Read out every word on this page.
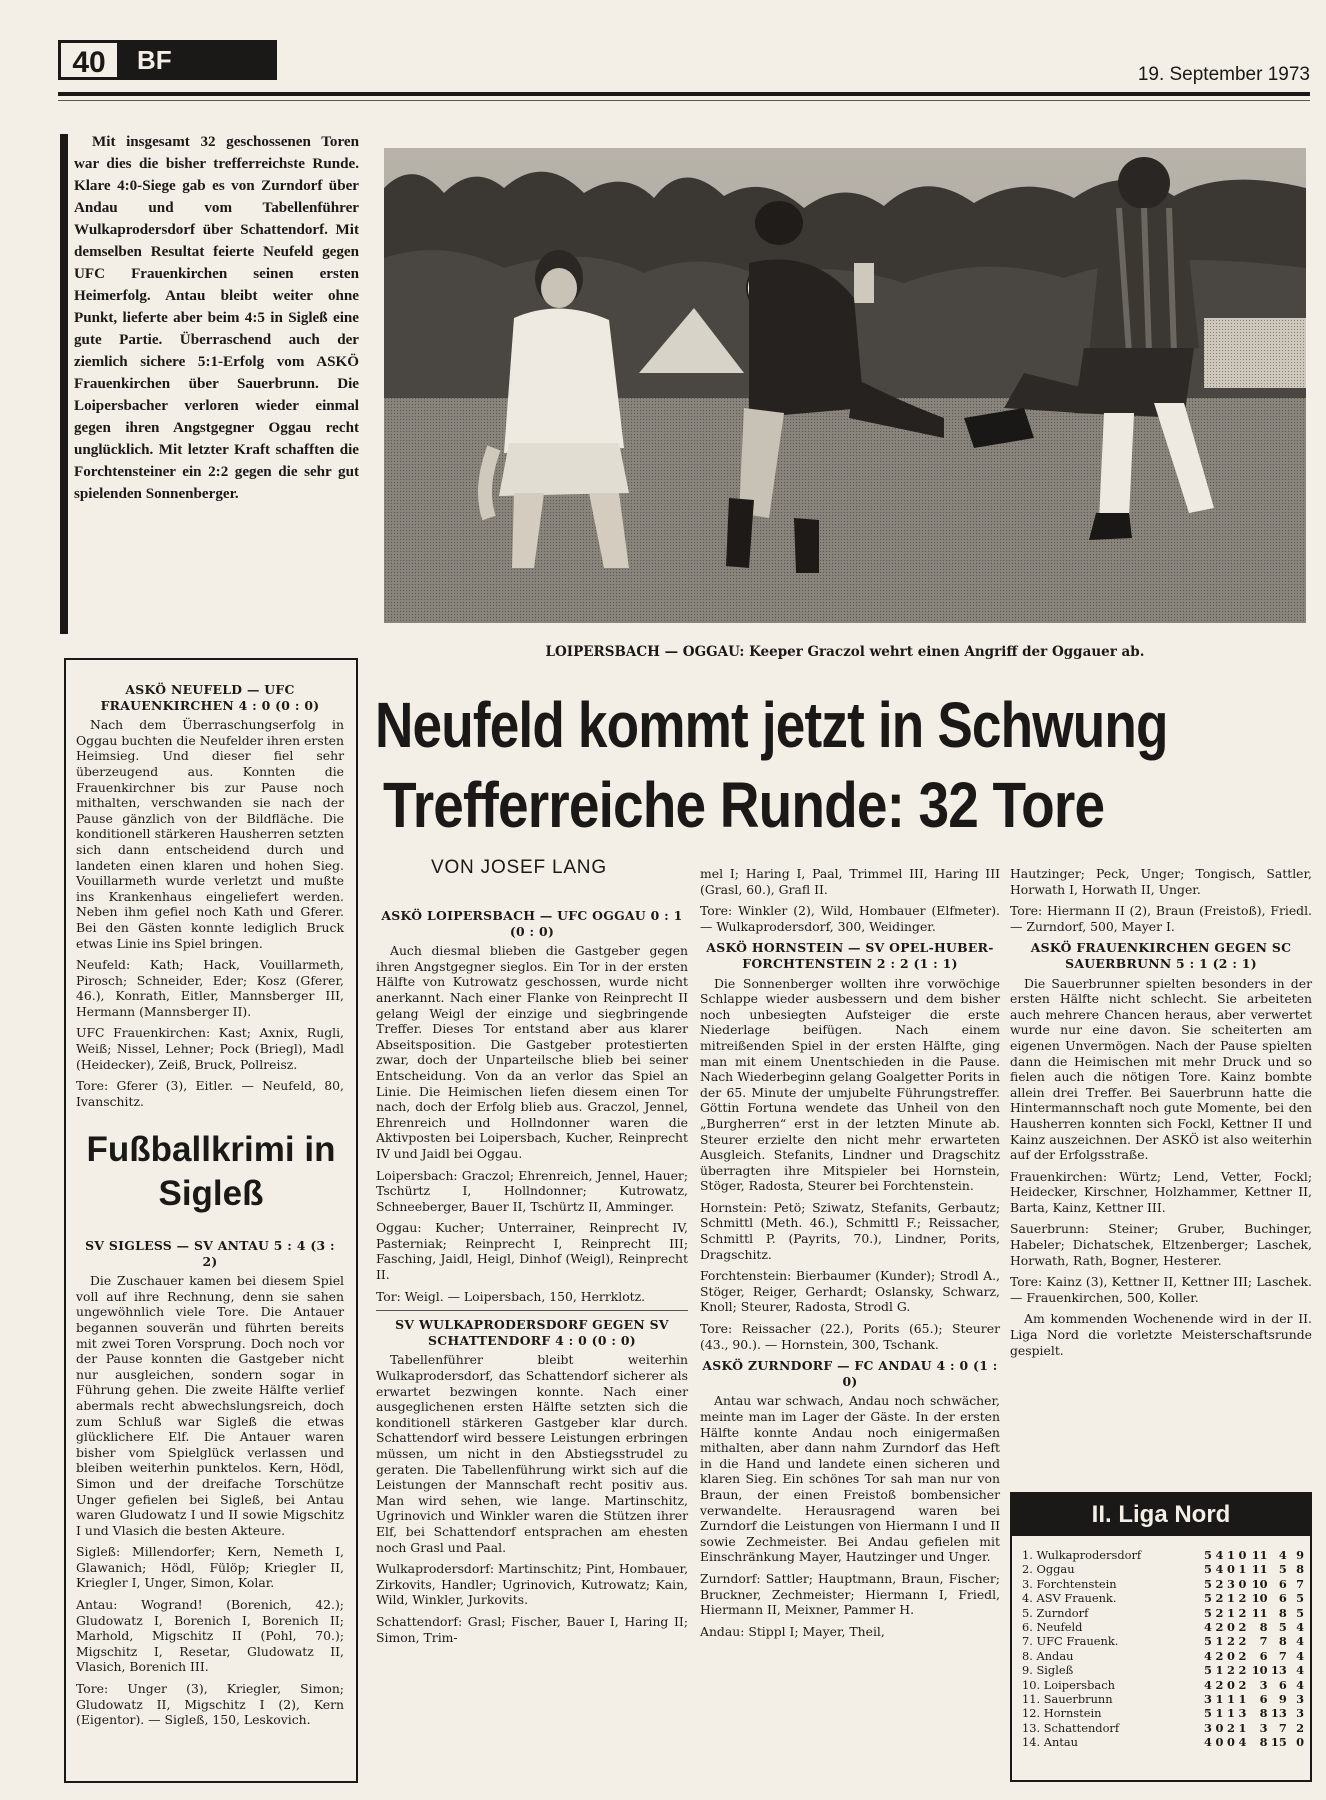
40	BF	19. September 1973
Mit insgesamt 32 geschossenen Toren war dies die bisher trefferreichste Runde. Klare 4:0-Siege gab es von Zurndorf über Andau und vom Tabellenführer Wulkaprodersdorf über Schattendorf. Mit demselben Resultat feierte Neufeld gegen UFC Frauenkirchen seinen ersten Heimerfolg. Antau bleibt weiter ohne Punkt, lieferte aber beim 4:5 in Sigleß eine gute Partie. Überraschend auch der ziemlich sichere 5:1-Erfolg vom ASKÖ Frauenkirchen über Sauerbrunn. Die Loipersbacher verloren wieder einmal gegen ihren Angstgegner Oggau recht unglücklich. Mit letzter Kraft schafften die Forchtensteiner ein 2:2 gegen die sehr gut spielenden Sonnenberger.
LOIPERSBACH — OGGAU: Keeper Graczol wehrt einen Angriff der Oggauer ab.
Neufeld kommt jetzt in Schwung
Trefferreiche Runde: 32 Tore
VON JOSEF LANG
ASKÖ NEUFELD — UFC FRAUENKIRCHEN 4 : 0 (0 : 0)

Nach dem Überraschungserfolg in Oggau buchten die Neufelder ihren ersten Heimsieg. Und dieser fiel sehr überzeugend aus. Konnten die Frauenkirchner bis zur Pause noch mithalten, verschwanden sie nach der Pause gänzlich von der Bildfläche. Die konditionell stärkeren Hausherren setzten sich dann entscheidend durch und landeten einen klaren und hohen Sieg. Vouillarmeth wurde verletzt und mußte ins Krankenhaus eingeliefert werden. Neben ihm gefiel noch Kath und Gferer. Bei den Gästen konnte lediglich Bruck etwas Linie ins Spiel bringen.

Neufeld: Kath; Hack, Vouillarmeth, Pirosch; Schneider, Eder; Kosz (Gferer, 46.), Konrath, Eitler, Mannsberger III, Hermann (Mannsberger II).

UFC Frauenkirchen: Kast; Axnix, Rugli, Weiß; Nissel, Lehner; Pock (Briegl), Madl (Heidecker), Zeiß, Bruck, Pollreisz.

Tore: Gferer (3), Eitler. — Neufeld, 80, Ivanschitz.

Fußballkrimi in Sigleß
SV SIGLESS — SV ANTAU 5 : 4 (3 : 2)

Die Zuschauer kamen bei diesem Spiel voll auf ihre Rechnung, denn sie sahen ungewöhnlich viele Tore. Die Antauer begannen souverän und führten bereits mit zwei Toren Vorsprung. Doch noch vor der Pause konnten die Gastgeber nicht nur ausgleichen, sondern sogar in Führung gehen. Die zweite Hälfte verlief abermals recht abwechslungsreich, doch zum Schluß war Sigleß die etwas glücklichere Elf. Die Antauer waren bisher vom Spielglück verlassen und bleiben weiterhin punktelos. Kern, Hödl, Simon und der dreifache Torschütze Unger gefielen bei Sigleß, bei Antau waren Gludowatz I und II sowie Migschitz I und Vlasich die besten Akteure.

Sigleß: Millendorfer; Kern, Nemeth I, Glawanich; Hödl, Fülöp; Kriegler II, Kriegler I, Unger, Simon, Kolar.

Antau: Wogrand! (Borenich, 42.); Gludowatz I, Borenich I, Borenich II; Marhold, Migschitz II (Pohl, 70.); Migschitz I, Resetar, Gludowatz II, Vlasich, Borenich III.

Tore: Unger (3), Kriegler, Simon; Gludowatz II, Migschitz I (2), Kern (Eigentor). — Sigleß, 150, Leskovich.

ASKÖ LOIPERSBACH — UFC OGGAU 0 : 1 (0 : 0)

Auch diesmal blieben die Gastgeber gegen ihren Angstgegner sieglos. Ein Tor in der ersten Hälfte von Kutrowatz geschossen, wurde nicht anerkannt. Nach einer Flanke von Reinprecht II gelang Weigl der einzige und siegbringende Treffer. Dieses Tor entstand aber aus klarer Abseitsposition. Die Gastgeber protestierten zwar, doch der Unparteilsche blieb bei seiner Entscheidung. Von da an verlor das Spiel an Linie. Die Heimischen liefen diesem einen Tor nach, doch der Erfolg blieb aus. Graczol, Jennel, Ehrenreich und Hollndonner waren die Aktivposten bei Loipersbach, Kucher, Reinprecht IV und Jaidl bei Oggau.

Loipersbach: Graczol; Ehrenreich, Jennel, Hauer; Tschürtz I, Hollndonner; Kutrowatz, Schneeberger, Bauer II, Tschürtz II, Amminger.

Oggau: Kucher; Unterrainer, Reinprecht IV, Pasterniak; Reinprecht I, Reinprecht III; Fasching, Jaidl, Heigl, Dinhof (Weigl), Reinprecht II.

Tor: Weigl. — Loipersbach, 150, Herrklotz.

SV WULKAPRODERSDORF GEGEN SV SCHATTENDORF 4 : 0 (0 : 0)

Tabellenführer bleibt weiterhin Wulkaprodersdorf, das Schattendorf sicherer als erwartet bezwingen konnte. Nach einer ausgeglichenen ersten Hälfte setzten sich die konditionell stärkeren Gastgeber klar durch. Schattendorf wird bessere Leistungen erbringen müssen, um nicht in den Abstiegsstrudel zu geraten. Die Tabellenführung wirkt sich auf die Leistungen der Mannschaft recht positiv aus. Man wird sehen, wie lange. Martinschitz, Ugrinovich und Winkler waren die Stützen ihrer Elf, bei Schattendorf entsprachen am ehesten noch Grasl und Paal.

Wulkaprodersdorf: Martinschitz; Pint, Hombauer, Zirkovits, Handler; Ugrinovich, Kutrowatz; Kain, Wild, Winkler, Jurkovits.

Schattendorf: Grasl; Fischer, Bauer I, Haring II; Simon, Trim-

mel I; Haring I, Paal, Trimmel III, Haring III (Grasl, 60.), Grafl II.

Tore: Winkler (2), Wild, Hombauer (Elfmeter). — Wulkaprodersdorf, 300, Weidinger.

ASKÖ HORNSTEIN — SV OPEL-HUBER-FORCHTENSTEIN 2 : 2 (1 : 1)

Die Sonnenberger wollten ihre vorwöchige Schlappe wieder ausbessern und dem bisher noch unbesiegten Aufsteiger die erste Niederlage beifügen. Nach einem mitreißenden Spiel in der ersten Hälfte, ging man mit einem Unentschieden in die Pause. Nach Wiederbeginn gelang Goalgetter Porits in der 65. Minute der umjubelte Führungstreffer. Göttin Fortuna wendete das Unheil von den „Burgherren“ erst in der letzten Minute ab. Steurer erzielte den nicht mehr erwarteten Ausgleich. Stefanits, Lindner und Dragschitz überragten ihre Mitspieler bei Hornstein, Stöger, Radosta, Steurer bei Forchtenstein.

Hornstein: Petö; Sziwatz, Stefanits, Gerbautz; Schmittl (Meth. 46.), Schmittl F.; Reissacher, Schmittl P. (Payrits, 70.), Lindner, Porits, Dragschitz.

Forchtenstein: Bierbaumer (Kunder); Strodl A., Stöger, Reiger, Gerhardt; Oslansky, Schwarz, Knoll; Steurer, Radosta, Strodl G.

Tore: Reissacher (22.), Porits (65.); Steurer (43., 90.). — Hornstein, 300, Tschank.

ASKÖ ZURNDORF — FC ANDAU 4 : 0 (1 : 0)

Antau war schwach, Andau noch schwächer, meinte man im Lager der Gäste. In der ersten Hälfte konnte Andau noch einigermaßen mithalten, aber dann nahm Zurndorf das Heft in die Hand und landete einen sicheren und klaren Sieg. Ein schönes Tor sah man nur von Braun, der einen Freistoß bombensicher verwandelte. Herausragend waren bei Zurndorf die Leistungen von Hiermann I und II sowie Zechmeister. Bei Andau gefielen mit Einschränkung Mayer, Hautzinger und Unger.

Zurndorf: Sattler; Hauptmann, Braun, Fischer; Bruckner, Zechmeister; Hiermann I, Friedl, Hiermann II, Meixner, Pammer H.

Andau: Stippl I; Mayer, Theil,

Hautzinger; Peck, Unger; Tongisch, Sattler, Horwath I, Horwath II, Unger.

Tore: Hiermann II (2), Braun (Freistoß), Friedl. — Zurndorf, 500, Mayer I.

ASKÖ FRAUENKIRCHEN GEGEN SC SAUERBRUNN 5 : 1 (2 : 1)

Die Sauerbrunner spielten besonders in der ersten Hälfte nicht schlecht. Sie arbeiteten auch mehrere Chancen heraus, aber verwertet wurde nur eine davon. Sie scheiterten am eigenen Unvermögen. Nach der Pause spielten dann die Heimischen mit mehr Druck und so fielen auch die nötigen Tore. Kainz bombte allein drei Treffer. Bei Sauerbrunn hatte die Hintermannschaft noch gute Momente, bei den Hausherren konnten sich Fockl, Kettner II und Kainz auszeichnen. Der ASKÖ ist also weiterhin auf der Erfolgsstraße.

Frauenkirchen: Würtz; Lend, Vetter, Fockl; Heidecker, Kirschner, Holzhammer, Kettner II, Barta, Kainz, Kettner III.

Sauerbrunn: Steiner; Gruber, Buchinger, Habeler; Dichatschek, Eltzenberger; Laschek, Horwath, Rath, Bogner, Hesterer.

Tore: Kainz (3), Kettner II, Kettner III; Laschek. — Frauenkirchen, 500, Koller.

Am kommenden Wochenende wird in der II. Liga Nord die vorletzte Meisterschaftsrunde gespielt.

II. Liga Nord
1. Wulkaprodersdorf	5 4 1 0 11 4 9
2. Oggau	5 4 0 1 11 5 8
3. Forchtenstein	5 2 3 0 10 6 7
4. ASV Frauenk.	5 2 1 2 10 6 5
5. Zurndorf	5 2 1 2 11 8 5
6. Neufeld	4 2 0 2	8 5 4
7. UFC Frauenk.	5 1 2 2	7 8 4
8. Andau	4 2 0 2	6 7 4
9. Sigleß	5 1 2 2 10 13 4
10. Loipersbach	4 2 0 2	3 6 4
11. Sauerbrunn	3 1 1 1	6 9 3
12. Hornstein	5 1 1 3	8 13 3
13. Schattendorf	3 0 2 1	3 7 2
14. Antau	4 0 0 4	8 15 0
